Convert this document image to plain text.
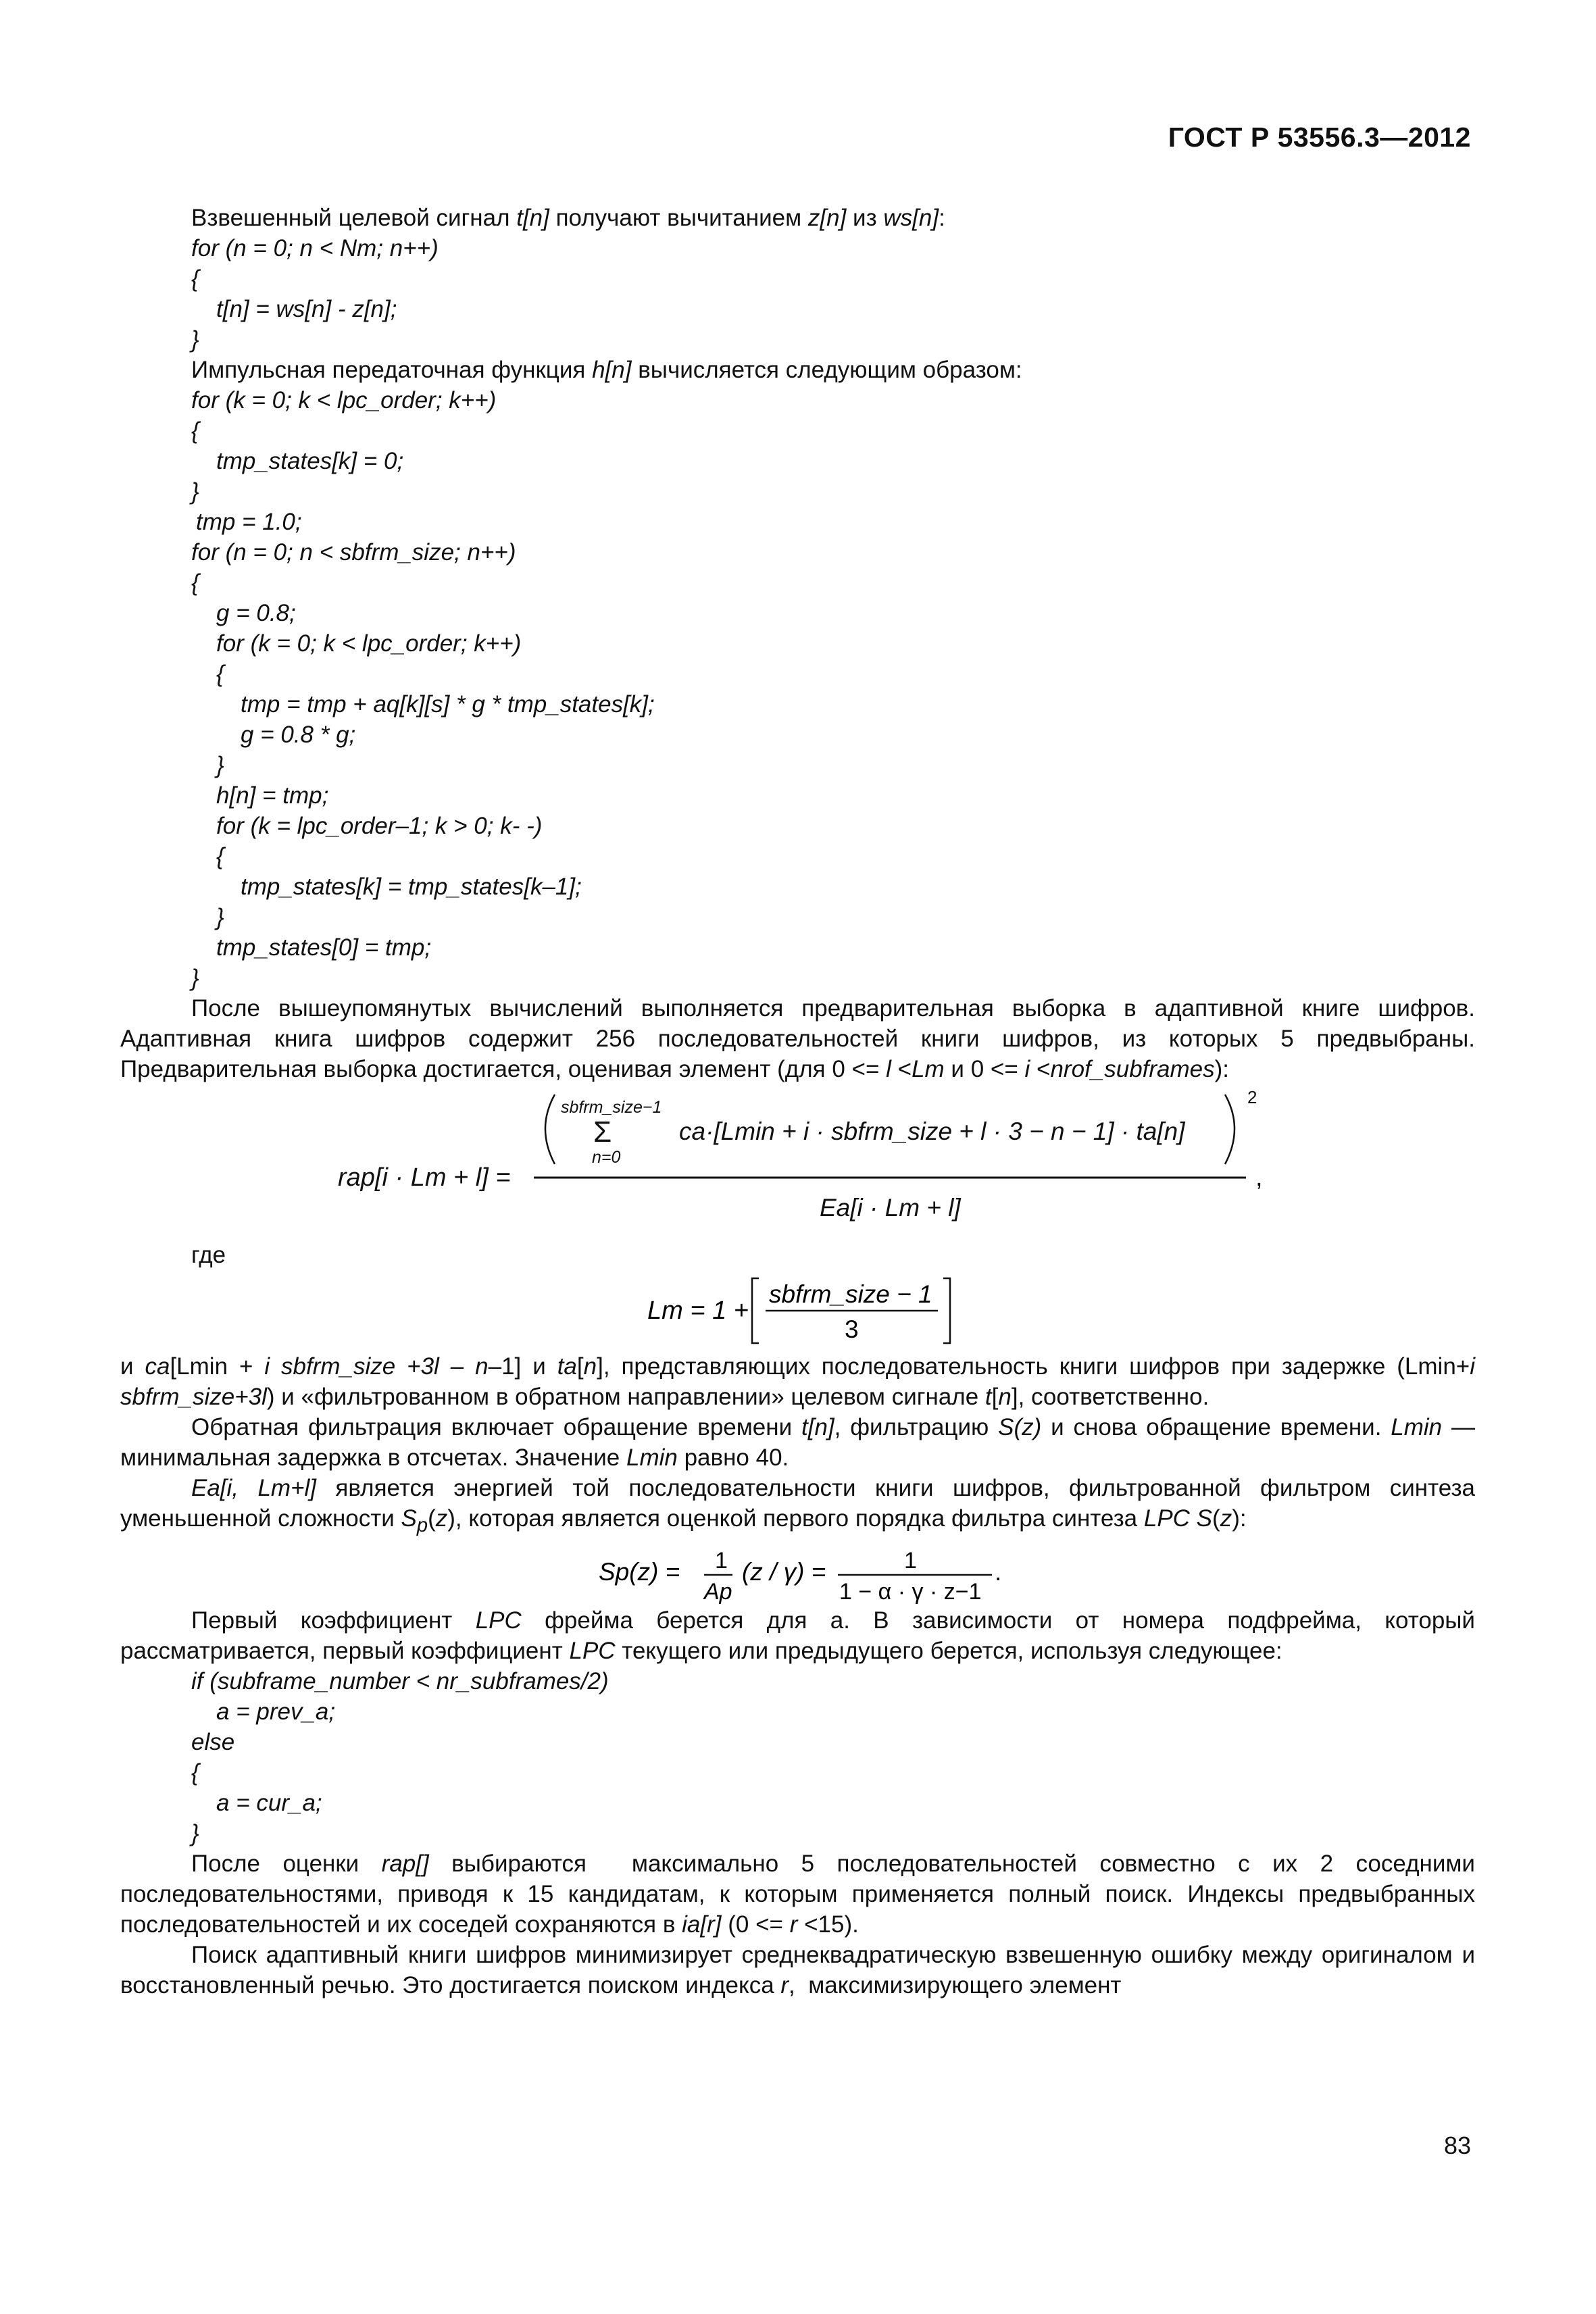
ГОСТ Р 53556.3—2012
Взвешенный целевой сигнал t[n] получают вычитанием z[n] из ws[n]:
for (n = 0; n < Nm; n++)
{
t[n] = ws[n] - z[n];
}
Импульсная передаточная функция h[n] вычисляется следующим образом:
for (k = 0; k < lpc_order; k++)
{
tmp_states[k] = 0;
}
tmp = 1.0;
for (n = 0; n < sbfrm_size; n++)
{
g = 0.8;
for (k = 0; k < lpc_order; k++)
{
tmp = tmp + aq[k][s] * g * tmp_states[k];
g = 0.8 * g;
}
h[n] = tmp;
for (k = lpc_order–1; k > 0; k- -)
{
tmp_states[k] = tmp_states[k–1];
}
tmp_states[0] = tmp;
}
После вышеупомянутых вычислений выполняется предварительная выборка в адаптивной книге шифров. Адаптивная книга шифров содержит 256 последовательностей книги шифров, из которых 5 предвыбраны. Предварительная выборка достигается, оценивая элемент (для 0 <= l <Lm и 0 <= i <nrof_subframes):
rap[i · Lm + l] =
2
sbfrm_size−1
Σ
n=0
ca·[Lmin + i · sbfrm_size + l · 3 − n − 1] · ta[n]
Ea[i · Lm + l]
,
где
Lm = 1 +
sbfrm_size − 1
3
и ca[Lmin + i sbfrm_size +3l – n–1] и ta[n], представляющих последовательность книги шифров при задержке (Lmin+i sbfrm_size+3l) и «фильтрованном в обратном направлении» целевом сигнале t[n], соответственно.
Обратная фильтрация включает обращение времени t[n], фильтрацию S(z) и снова обращение времени. Lmin — минимальная задержка в отсчетах. Значение Lmin равно 40.
Ea[i, Lm+l] является энергией той последовательности книги шифров, фильтрованной фильтром синтеза уменьшенной сложности $S_p(z)$, которая является оценкой первого порядка фильтра синтеза LPC S(z):
Sp(z) = 1
Ap
(z / γ) =	1
1 − α · γ · z−1
.
Первый коэффициент LPC фрейма берется для a. В зависимости от номера подфрейма, который рассматривается, первый коэффициент LPC текущего или предыдущего берется, используя следующее:
if (subframe_number < nr_subframes/2)
a = prev_a;
else
{
a = cur_a;
}
После оценки rap[] выбираются  максимально 5 последовательностей совместно с их 2 соседними последовательностями, приводя к 15 кандидатам, к которым применяется полный поиск. Индексы предвыбранных последовательностей и их соседей сохраняются в ia[r] (0 <= r <15).
Поиск адаптивный книги шифров минимизирует среднеквадратическую взвешенную ошибку между оригиналом и восстановленный речью. Это достигается поиском индекса r,  максимизирующего элемент
83
